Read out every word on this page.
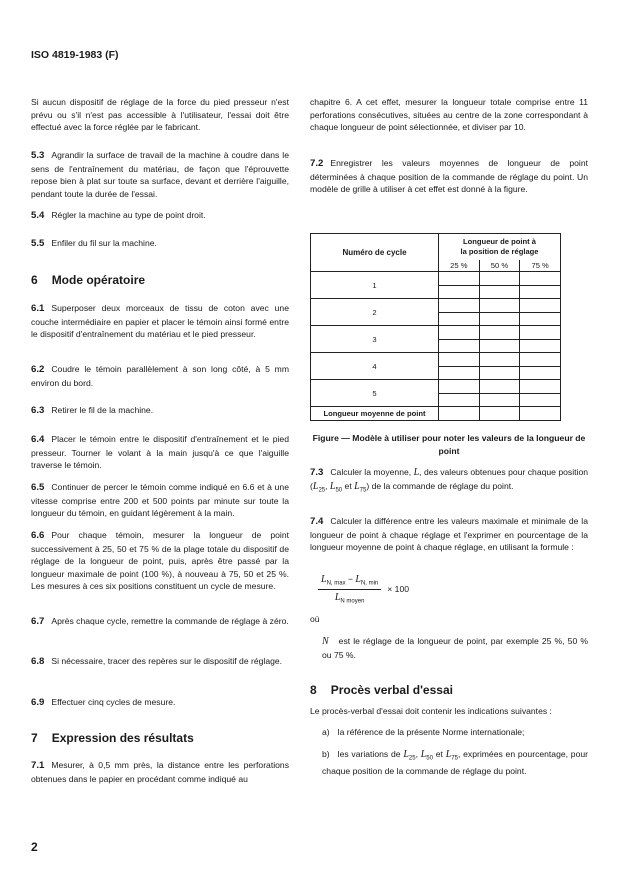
ISO 4819-1983 (F)
Si aucun dispositif de réglage de la force du pied presseur n'est prévu ou s'il n'est pas accessible à l'utilisateur, l'essai doit être effectué avec la force réglée par le fabricant.
5.3 Agrandir la surface de travail de la machine à coudre dans le sens de l'entraînement du matériau, de façon que l'éprouvette repose bien à plat sur toute sa surface, devant et derrière l'aiguille, pendant toute la durée de l'essai.
5.4 Régler la machine au type de point droit.
5.5 Enfiler du fil sur la machine.
6 Mode opératoire
6.1 Superposer deux morceaux de tissu de coton avec une couche intermédiaire en papier et placer le témoin ainsi formé entre le dispositif d'entraînement du matériau et le pied presseur.
6.2 Coudre le témoin parallèlement à son long côté, à 5 mm environ du bord.
6.3 Retirer le fil de la machine.
6.4 Placer le témoin entre le dispositif d'entraînement et le pied presseur. Tourner le volant à la main jusqu'à ce que l'aiguille traverse le témoin.
6.5 Continuer de percer le témoin comme indiqué en 6.6 et à une vitesse comprise entre 200 et 500 points par minute sur toute la longueur du témoin, en guidant légèrement à la main.
6.6 Pour chaque témoin, mesurer la longueur de point successivement à 25, 50 et 75 % de la plage totale du dispositif de réglage de la longueur de point, puis, après être passé par la longueur maximale de point (100 %), à nouveau à 75, 50 et 25 %. Les mesures à ces six positions constituent un cycle de mesure.
6.7 Après chaque cycle, remettre la commande de réglage à zéro.
6.8 Si nécessaire, tracer des repères sur le dispositif de réglage.
6.9 Effectuer cinq cycles de mesure.
7 Expression des résultats
7.1 Mesurer, à 0,5 mm près, la distance entre les perforations obtenues dans le papier en procédant comme indiqué au
chapitre 6. A cet effet, mesurer la longueur totale comprise entre 11 perforations consécutives, situées au centre de la zone correspondant à chaque longueur de point sélectionnée, et diviser par 10.
7.2 Enregistrer les valeurs moyennes de longueur de point déterminées à chaque position de la commande de réglage du point. Un modèle de grille à utiliser à cet effet est donné à la figure.
Numéro de cycle	Longueur de point à
la position de réglage		
	25 %	50 %	75 %
1			

2			

3			

4			

5			

Longueur moyenne de point			
Figure — Modèle à utiliser pour noter les valeurs de la longueur de point
7.3 Calculer la moyenne, L, des valeurs obtenues pour chaque position ($L_{25}$, $L_{50}$ et $L_{75}$) de la commande de réglage du point.
7.4 Calculer la différence entre les valeurs maximale et minimale de la longueur de point à chaque réglage et l'exprimer en pourcentage de la longueur moyenne de point à chaque réglage, en utilisant la formule :
$\frac{L_{N, max} - L_{N, min}}{L_{N moyen}} \times 100$
où
N est le réglage de la longueur de point, par exemple 25 %, 50 % ou 75 %.
8 Procès verbal d'essai
Le procès-verbal d'essai doit contenir les indications suivantes :
a) la référence de la présente Norme internationale;
b) les variations de $L_{25}$, $L_{50}$ et $L_{75}$, exprimées en pourcentage, pour chaque position de la commande de réglage du point.
2
